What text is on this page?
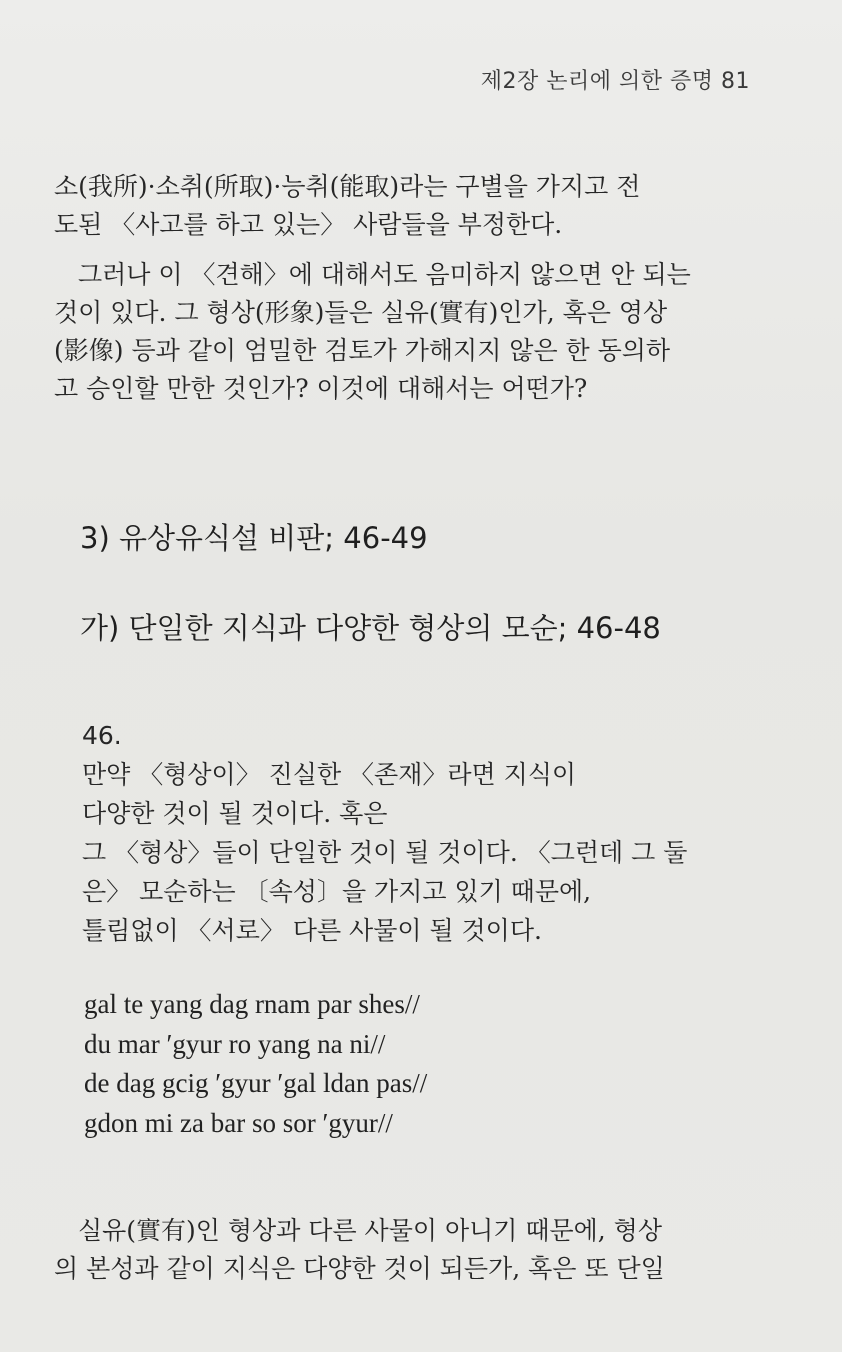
제2장 논리에 의한 증명 81
소(我所)·소취(所取)·능취(能取)라는 구별을 가지고 전
도된 〈사고를 하고 있는〉 사람들을 부정한다.
그러나 이 〈견해〉에 대해서도 음미하지 않으면 안 되는
것이 있다. 그 형상(形象)들은 실유(實有)인가, 혹은 영상
(影像) 등과 같이 엄밀한 검토가 가해지지 않은 한 동의하
고 승인할 만한 것인가? 이것에 대해서는 어떤가?
3) 유상유식설 비판; 46-49
가) 단일한 지식과 다양한 형상의 모순; 46-48
46.
만약 〈형상이〉 진실한 〈존재〉라면 지식이
다양한 것이 될 것이다. 혹은
그 〈형상〉들이 단일한 것이 될 것이다. 〈그런데 그 둘
은〉 모순하는 〔속성〕을 가지고 있기 때문에,
틀림없이 〈서로〉 다른 사물이 될 것이다.
gal te yang dag rnam par shes//
du mar ʹgyur ro yang na ni//
de dag gcig ʹgyur ʹgal ldan pas//
gdon mi za bar so sor ʹgyur//
실유(實有)인 형상과 다른 사물이 아니기 때문에, 형상
의 본성과 같이 지식은 다양한 것이 되든가, 혹은 또 단일
